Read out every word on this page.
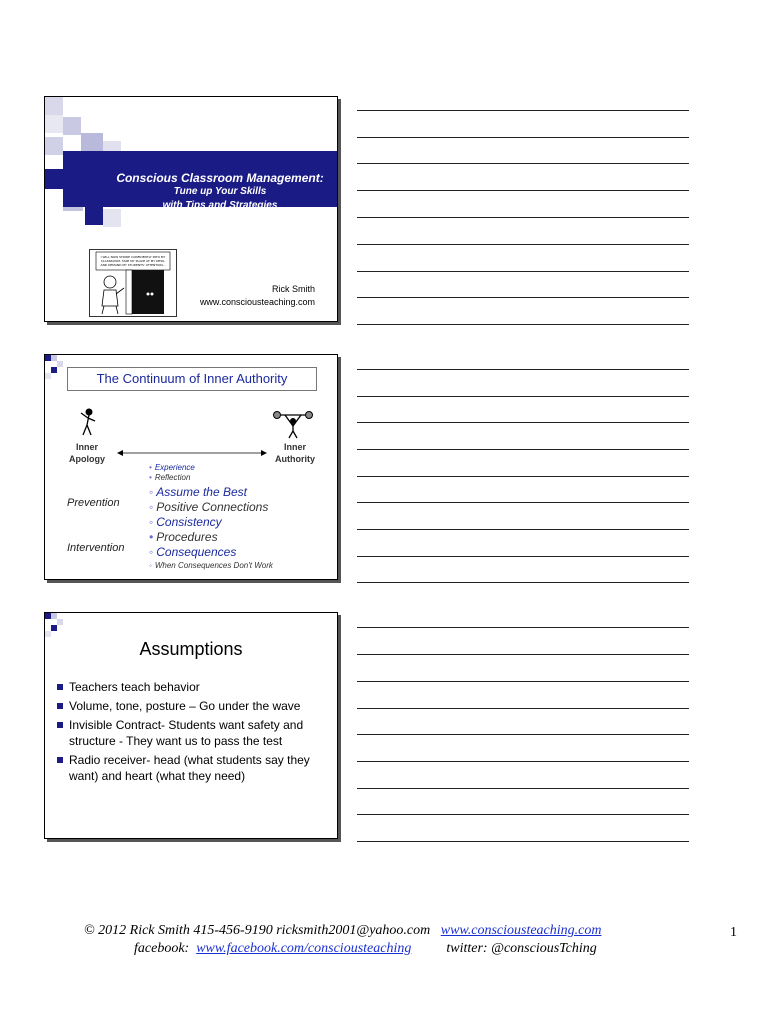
Conscious Classroom Management:
Tune up Your Skills
with Tips and Strategies
I WILL NOW STRIDE CONFIDENTLY INTO MY
CLASSROOM, TAKE MY PLACE AT MY DESK,
AND DEMAND MY STUDENTS' ATTENTION...
Rick Smith
www.consciousteaching.com
The Continuum of Inner Authority
Inner
Apology
Inner
Authority
Prevention
Intervention
• Experience
• Reflection
◦ Assume the Best
◦ Positive Connections
◦ Consistency
• Procedures
◦ Consequences
◦ When Consequences Don't Work
Assumptions
Teachers teach behavior
Volume, tone, posture – Go under the wave
Invisible Contract- Students want safety and structure - They want us to pass the test
Radio receiver- head (what students say they want) and heart (what they need)
© 2012 Rick Smith 415-456-9190 ricksmith2001@yahoo.com www.consciousteaching.com
facebook: www.facebook.com/consciousteaching	twitter: @consciousTching
1
